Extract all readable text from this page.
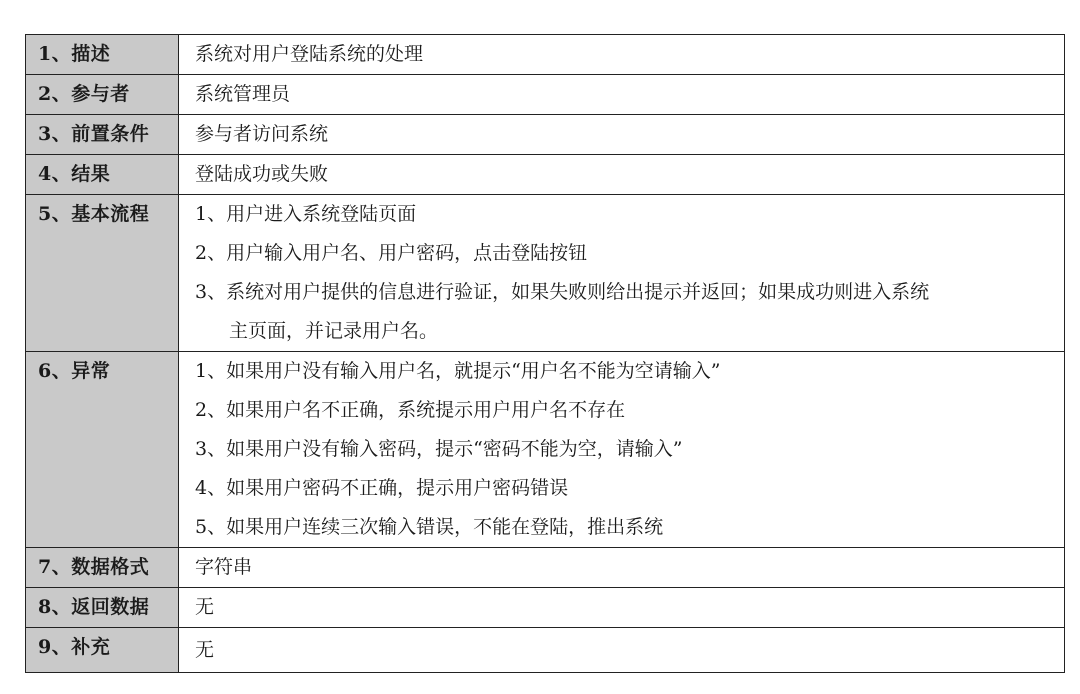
1、描述	系统对用户登陆系统的处理

2、参与者	系统管理员

3、前置条件	参与者访问系统

4、结果	登陆成功或失败

5、基本流程	1、用户进入系统登陆页面
2、用户输入用户名、用户密码，点击登陆按钮
3、系统对用户提供的信息进行验证，如果失败则给出提示并返回；如果成功则进入系统
主页面，并记录用户名。

6、异常	1、如果用户没有输入用户名，就提示“用户名不能为空请输入”
2、如果用户名不正确，系统提示用户用户名不存在
3、如果用户没有输入密码，提示“密码不能为空，请输入”
4、如果用户密码不正确，提示用户密码错误
5、如果用户连续三次输入错误，不能在登陆，推出系统

7、数据格式	字符串

8、返回数据	无

9、补充	无
